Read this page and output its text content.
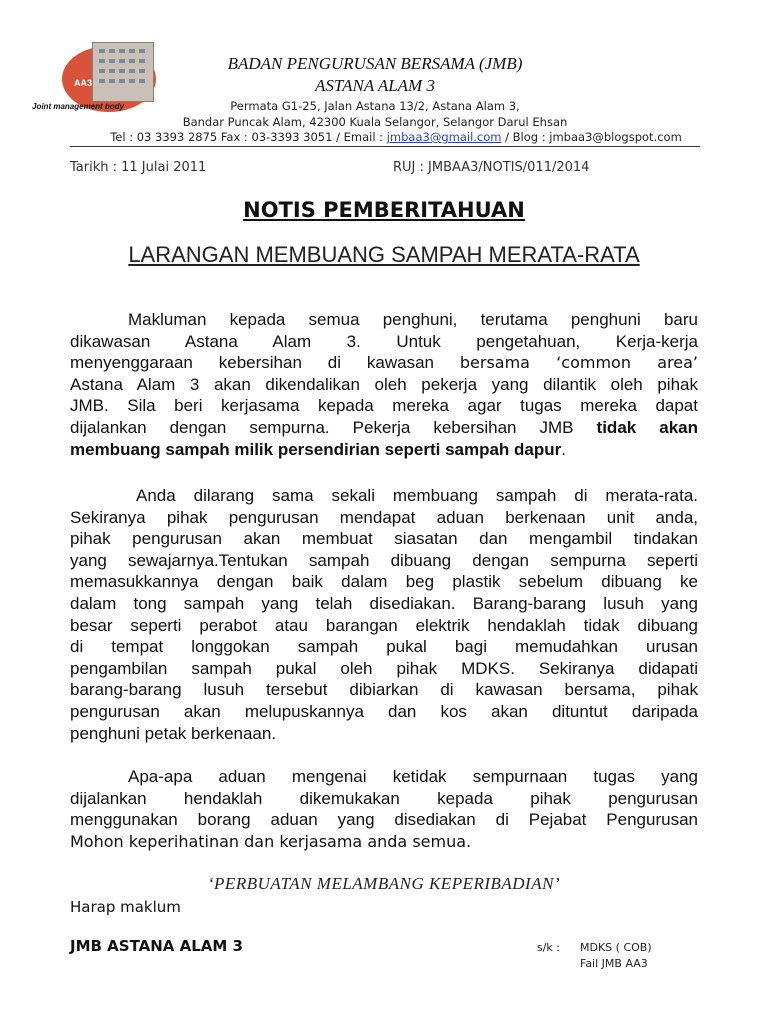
AA3
Joint management body
BADAN PENGURUSAN BERSAMA (JMB)
ASTANA ALAM 3
Permata G1-25, Jalan Astana 13/2, Astana Alam 3,
Bandar Puncak Alam, 42300 Kuala Selangor, Selangor Darul Ehsan
Tel : 03 3393 2875 Fax : 03-3393 3051 / Email : jmbaa3@gmail.com / Blog : jmbaa3@blogspot.com
Tarikh : 11 Julai 2011	RUJ : JMBAA3/NOTIS/011/2014
NOTIS PEMBERITAHUAN
LARANGAN MEMBUANG SAMPAH MERATA-RATA
Makluman kepada semua penghuni, terutama penghuni baru
dikawasan Astana Alam 3. Untuk pengetahuan, Kerja-kerja
menyenggaraan kebersihan di kawasan bersama ‘common area’
Astana Alam 3 akan dikendalikan oleh pekerja yang dilantik oleh pihak
JMB. Sila beri kerjasama kepada mereka agar tugas mereka dapat
dijalankan dengan sempurna. Pekerja kebersihan JMB tidak akan
membuang sampah milik persendirian seperti sampah dapur.
Anda dilarang sama sekali membuang sampah di merata-rata.
Sekiranya pihak pengurusan mendapat aduan berkenaan unit anda,
pihak pengurusan akan membuat siasatan dan mengambil tindakan
yang sewajarnya.Tentukan sampah dibuang dengan sempurna seperti
memasukkannya dengan baik dalam beg plastik sebelum dibuang ke
dalam tong sampah yang telah disediakan. Barang-barang lusuh yang
besar seperti perabot atau barangan elektrik hendaklah tidak dibuang
di tempat longgokan sampah pukal bagi memudahkan urusan
pengambilan sampah pukal oleh pihak MDKS. Sekiranya didapati
barang-barang lusuh tersebut dibiarkan di kawasan bersama, pihak
pengurusan akan melupuskannya dan kos akan dituntut daripada
penghuni petak berkenaan.
Apa-apa aduan mengenai ketidak sempurnaan tugas yang
dijalankan hendaklah dikemukakan kepada pihak pengurusan
menggunakan borang aduan yang disediakan di Pejabat Pengurusan
Mohon keperihatinan dan kerjasama anda semua.
‘PERBUATAN MELAMBANG KEPERIBADIAN’
Harap maklum
JMB ASTANA ALAM 3	s/k : MDKS ( COB)
Fail JMB AA3
